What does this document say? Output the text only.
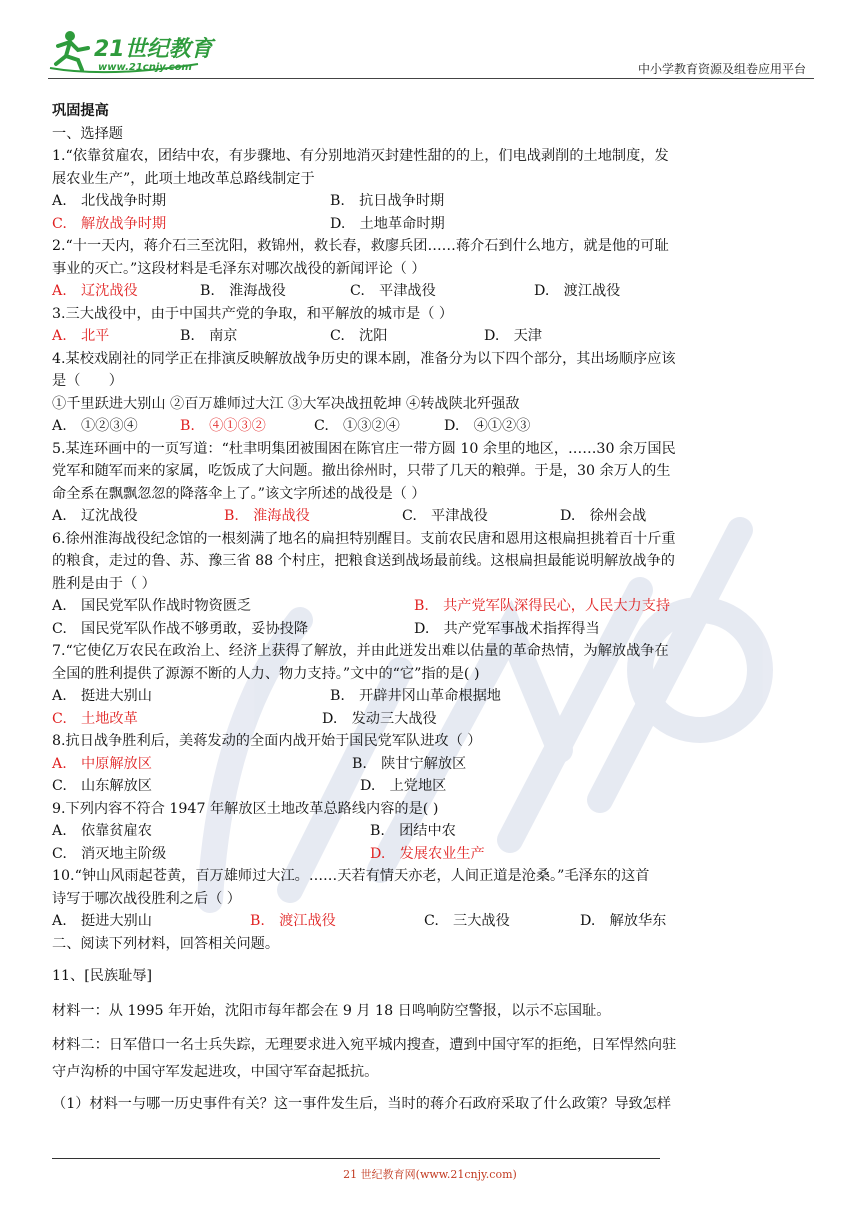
21世纪教育
www.21cnjy.com	中小学教育资源及组卷应用平台
巩固提高
一、选择题
1.“依靠贫雇农，团结中农，有步骤地、有分别地消灭封建性甜的的上，们电战剥削的土地制度，发
展农业生产”，此项土地改革总路线制定于
A.　北伐战争时期	B.　抗日战争时期
C.　解放战争时期	D.　土地革命时期
2.“十一天内，蒋介石三至沈阳，救锦州，救长春，救廖兵团……蒋介石到什么地方，就是他的可耻
事业的灭亡。”这段材料是毛泽东对哪次战役的新闻评论（ ）
A.　辽沈战役	B.　淮海战役	C.　平津战役	D.　渡江战役
3.三大战役中，由于中国共产党的争取，和平解放的城市是（ ）
A.　北平	B.　南京	C.　沈阳	D.　天津
4.某校戏剧社的同学正在排演反映解放战争历史的课本剧，准备分为以下四个部分，其出场顺序应该
是（　　）
①千里跃进大别山 ②百万雄师过大江 ③大军决战扭乾坤 ④转战陕北歼强敌
A.　①②③④	B.　④①③②	C.　①③②④	D.　④①②③
5.某连环画中的一页写道：“杜聿明集团被围困在陈官庄一带方圆 10 余里的地区，……30 余万国民
党军和随军而来的家属，吃饭成了大问题。撤出徐州时，只带了几天的粮弹。于是，30 余万人的生
命全系在飘飘忽忽的降落伞上了。”该文字所述的战役是（ ）
A.　辽沈战役	B.　淮海战役	C.　平津战役	D.　徐州会战
6.徐州淮海战役纪念馆的一根刻满了地名的扁担特别醒目。支前农民唐和恩用这根扁担挑着百十斤重
的粮食，走过的鲁、苏、豫三省 88 个村庄，把粮食送到战场最前线。这根扁担最能说明解放战争的
胜利是由于（ ）
A.　国民党军队作战时物资匮乏	B.　共产党军队深得民心，人民大力支持
C.　国民党军队作战不够勇敢，妥协投降	D.　共产党军事战术指挥得当
7.“它使亿万农民在政治上、经济上获得了解放，并由此迸发出难以估量的革命热情，为解放战争在
全国的胜利提供了源源不断的人力、物力支持。”文中的“它”指的是( )
A.　挺进大别山	B.　开辟井冈山革命根据地
C.　土地改革	D.　发动三大战役
8.抗日战争胜利后，美蒋发动的全面内战开始于国民党军队进攻（ ）
A.　中原解放区	B.　陕甘宁解放区
C.　山东解放区	D.　上党地区
9.下列内容不符合 1947 年解放区土地改革总路线内容的是( )
A.　依靠贫雇农	B.　团结中农
C.　消灭地主阶级	D.　发展农业生产
10.“钟山风雨起苍黄，百万雄师过大江。……天若有情天亦老，人间正道是沧桑。”毛泽东的这首
诗写于哪次战役胜利之后（ ）
A.　挺进大别山	B.　渡江战役	C.　三大战役	D.　解放华东
二、阅读下列材料，回答相关问题。
11、[民族耻辱]
材料一：从 1995 年开始，沈阳市每年都会在 9 月 18 日鸣响防空警报，以示不忘国耻。
材料二：日军借口一名士兵失踪，无理要求进入宛平城内搜查，遭到中国守军的拒绝，日军悍然向驻
守卢沟桥的中国守军发起进攻，中国守军奋起抵抗。
（1）材料一与哪一历史事件有关？这一事件发生后，当时的蒋介石政府采取了什么政策？导致怎样
21 世纪教育网(www.21cnjy.com)
